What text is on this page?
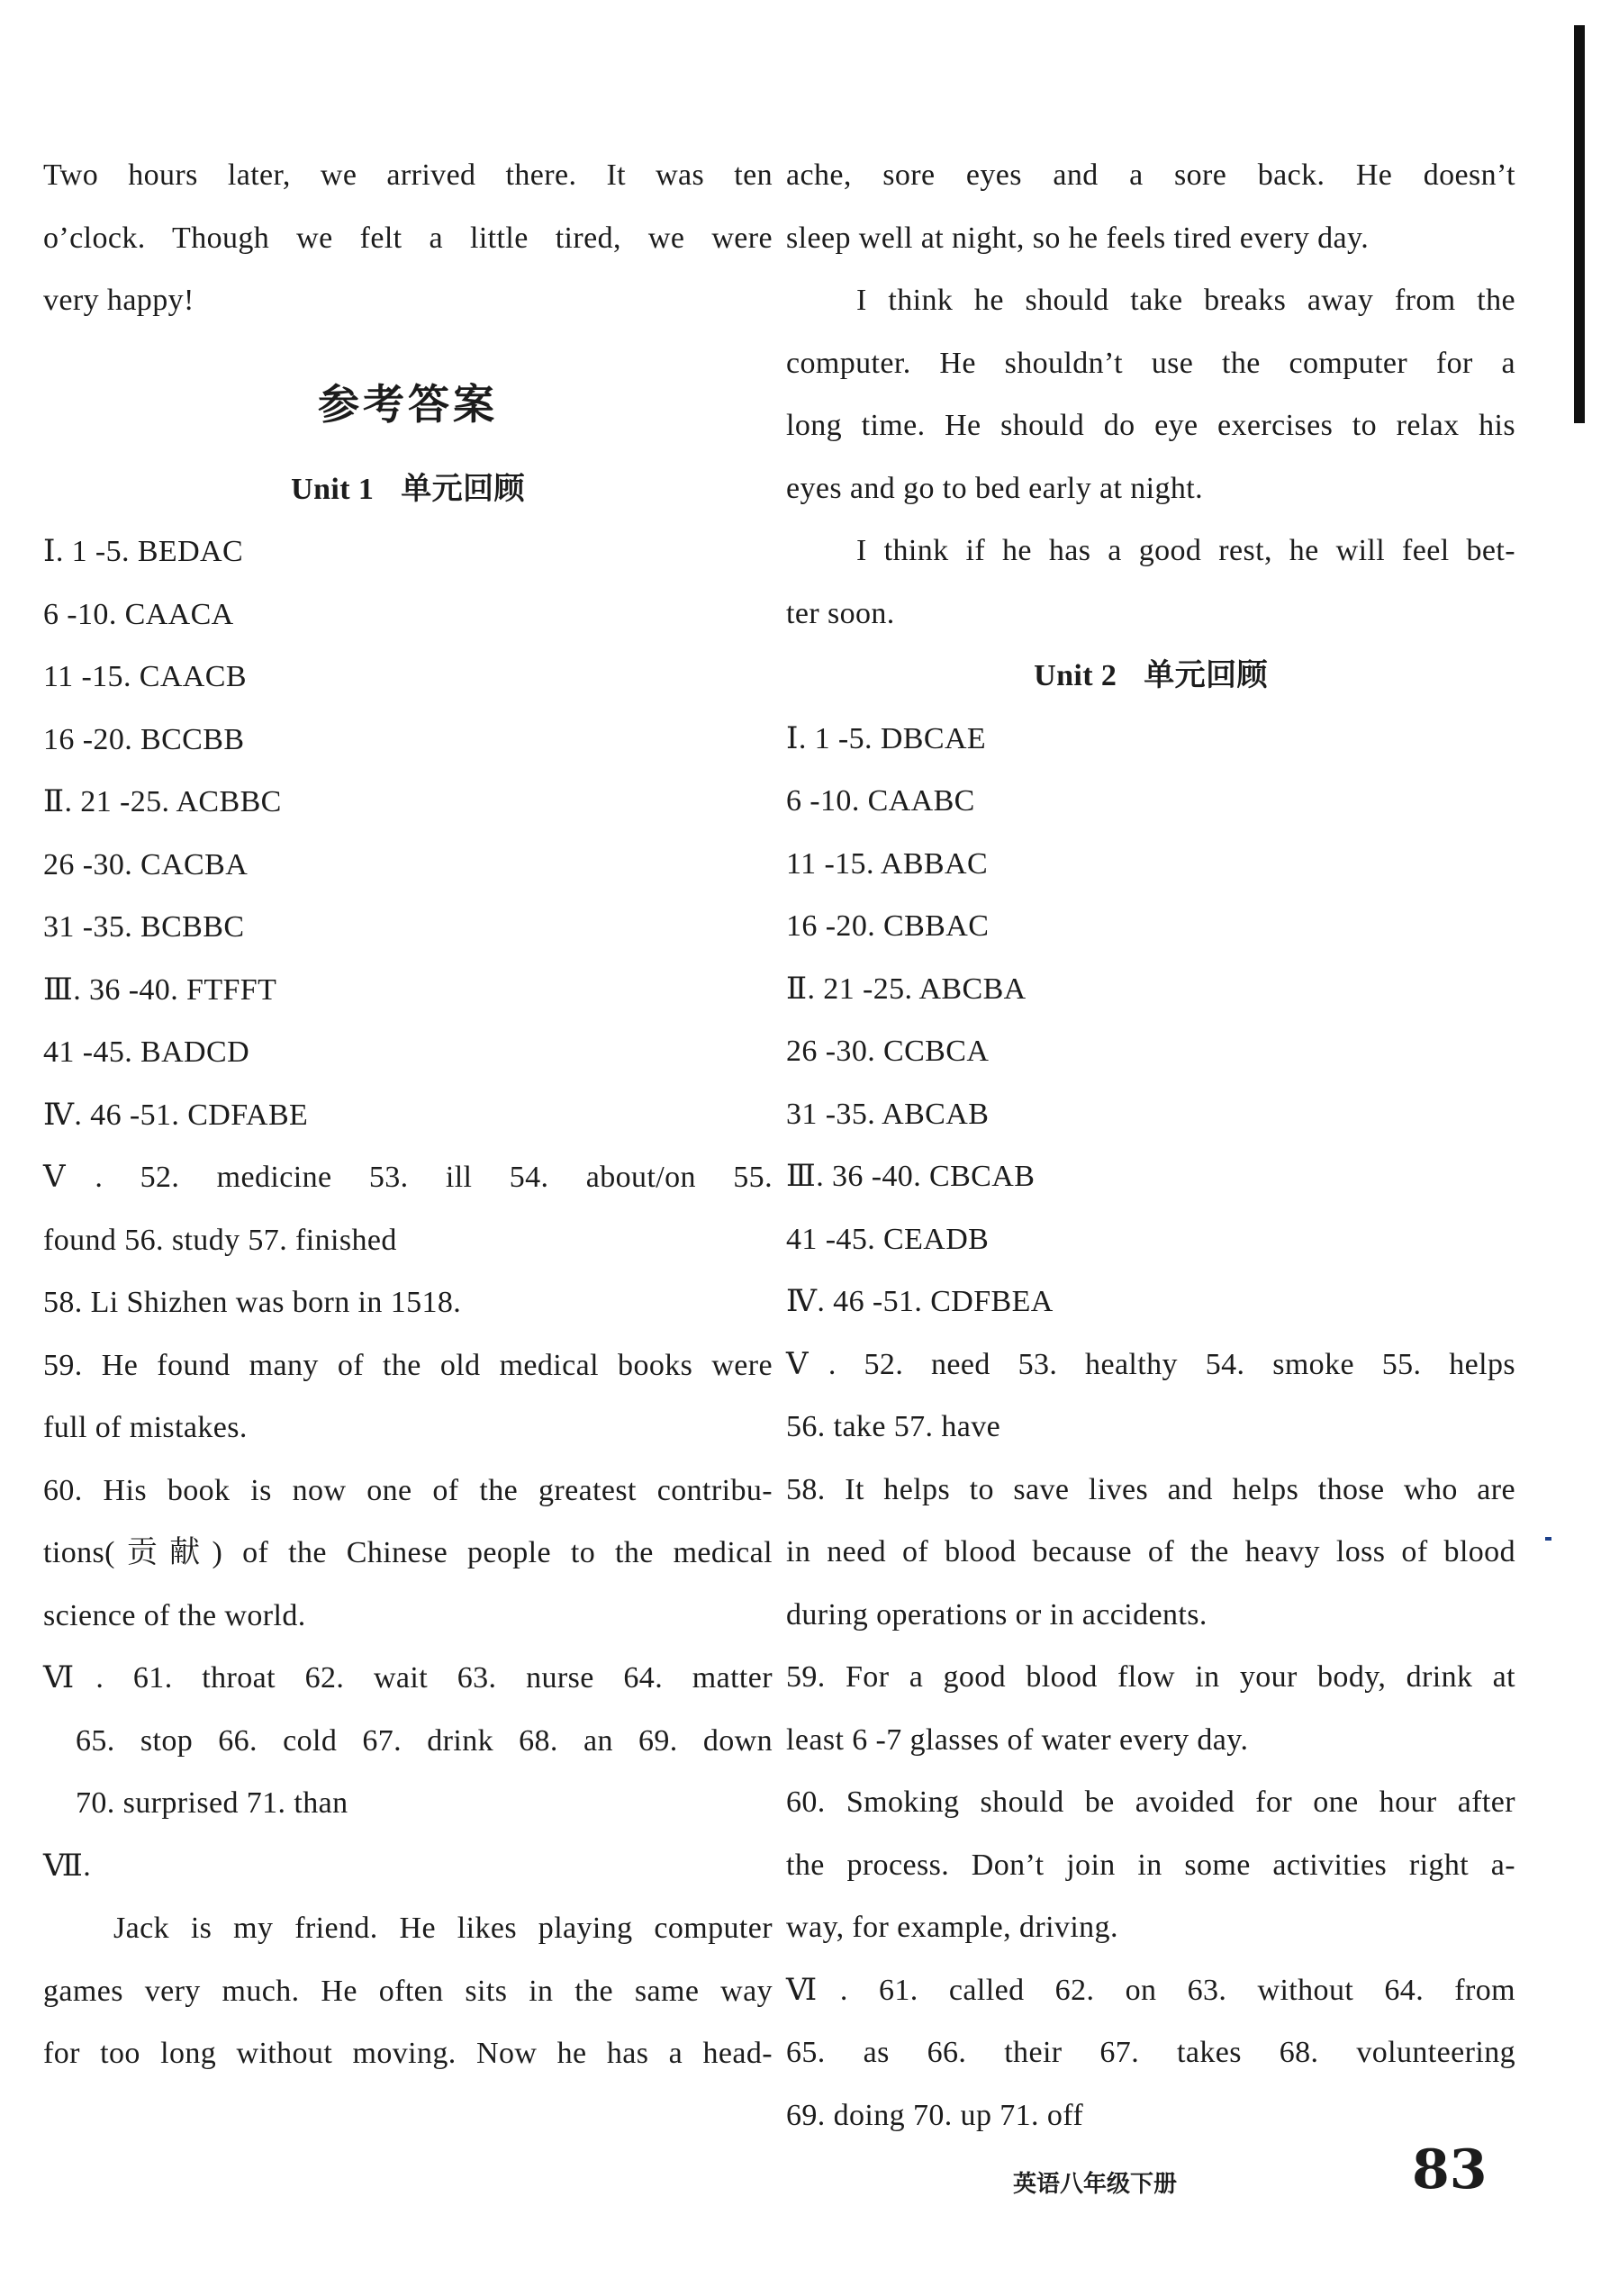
Two hours later, we arrived there. It was ten
o’clock. Though we felt a little tired, we were
very happy!
参考答案
Unit 1 单元回顾
Ⅰ. 1 -5. BEDAC
6 -10. CAACA
11 -15. CAACB
16 -20. BCCBB
Ⅱ. 21 -25. ACBBC
26 -30. CACBA
31 -35. BCBBC
Ⅲ. 36 -40. FTFFT
41 -45. BADCD
Ⅳ. 46 -51. CDFABE
Ⅴ. 52. medicine 53. ill 54. about/on 55.
found 56. study 57. finished
58. Li Shizhen was born in 1518.
59. He found many of the old medical books were
full of mistakes.
60. His book is now one of the greatest contribu-
tions(贡献) of the Chinese people to the medical
science of the world.
Ⅵ. 61. throat 62. wait 63. nurse 64. matter
65. stop 66. cold 67. drink 68. an 69. down
70. surprised 71. than
Ⅶ.
Jack is my friend. He likes playing computer
games very much. He often sits in the same way
for too long without moving. Now he has a head-
ache, sore eyes and a sore back. He doesn’t
sleep well at night, so he feels tired every day.
I think he should take breaks away from the
computer. He shouldn’t use the computer for a
long time. He should do eye exercises to relax his
eyes and go to bed early at night.
I think if he has a good rest, he will feel bet-
ter soon.
Unit 2 单元回顾
Ⅰ. 1 -5. DBCAE
6 -10. CAABC
11 -15. ABBAC
16 -20. CBBAC
Ⅱ. 21 -25. ABCBA
26 -30. CCBCA
31 -35. ABCAB
Ⅲ. 36 -40. CBCAB
41 -45. CEADB
Ⅳ. 46 -51. CDFBEA
Ⅴ. 52. need 53. healthy 54. smoke 55. helps
56. take 57. have
58. It helps to save lives and helps those who are
in need of blood because of the heavy loss of blood
during operations or in accidents.
59. For a good blood flow in your body, drink at
least 6 -7 glasses of water every day.
60. Smoking should be avoided for one hour after
the process. Don’t join in some activities right a-
way, for example, driving.
Ⅵ. 61. called 62. on 63. without 64. from
65. as 66. their 67. takes 68. volunteering
69. doing 70. up 71. off
英语八年级下册	83
